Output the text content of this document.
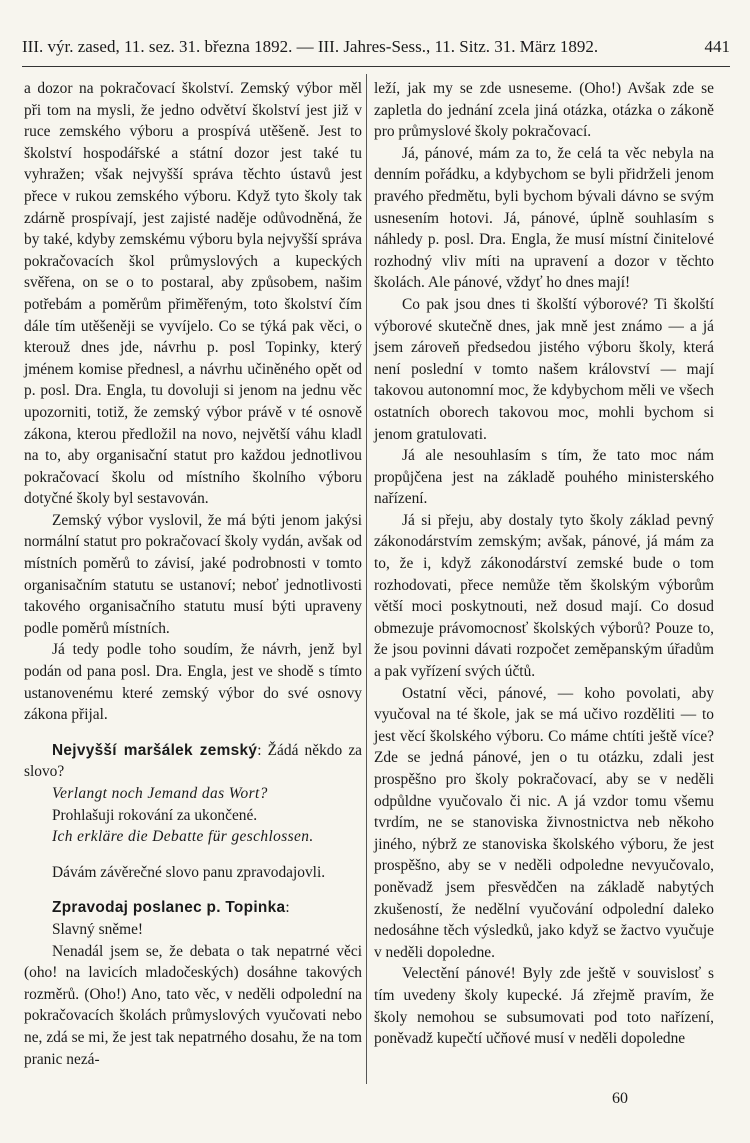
III. výr. zased, 11. sez. 31. března 1892. — III. Jahres-Sess., 11. Sitz. 31. März 1892.	441

a dozor na pokračovací školství. Zemský výbor měl při tom na mysli, že jedno odvětví školství jest již v ruce zemského výboru a prospívá utěšeně. Jest to školství hospodářské a státní dozor jest také tu vyhražen; však nejvyšší správa těchto ústavů jest přece v rukou zemského výboru. Když tyto školy tak zdárně prospívají, jest zajisté naděje odůvodněná, že by také, kdyby zemskému výboru byla nejvyšší správa pokračovacích škol průmyslových a kupeckých svěřena, on se o to postaral, aby způsobem, našim potřebám a poměrům přiměřeným, toto školství čím dále tím utěšeněji se vyvíjelo. Co se týká pak věci, o kterouž dnes jde, návrhu p. posl Topinky, který jménem komise přednesl, a návrhu učiněného opět od p. posl. Dra. Engla, tu dovoluji si jenom na jednu věc upozorniti, totiž, že zemský výbor právě v té osnově zákona, kterou předložil na novo, největší váhu kladl na to, aby organisační statut pro každou jednotlivou pokračovací školu od místního školního výboru dotyčné školy byl sestavován.

Zemský výbor vyslovil, že má býti jenom jakýsi normální statut pro pokračovací školy vydán, avšak od místních poměrů to závisí, jaké podrobnosti v tomto organisačním statutu se ustanoví; neboť jednotlivosti takového organisačního statutu musí býti upraveny podle poměrů místních.

Já tedy podle toho soudím, že návrh, jenž byl podán od pana posl. Dra. Engla, jest ve shodě s tímto ustanovenému které zemský výbor do své osnovy zákona přijal.

Nejvyšší maršálek zemský: Žádá někdo za slovo?

Verlangt noch Jemand das Wort?

Prohlašuji rokování za ukončené.

Ich erkläre die Debatte für geschlossen.

Dávám závěrečné slovo panu zpravodajovli.

Zpravodaj poslanec p. Topinka:

Slavný sněme!

Nenadál jsem se, že debata o tak nepatrné věci (oho! na lavicích mladočeských) dosáhne takových rozměrů. (Oho!) Ano, tato věc, v neděli odpolední na pokračovacích školách průmyslových vyučovati nebo ne, zdá se mi, že jest tak nepatrného dosahu, že na tom pranic nezá-

leží, jak my se zde usneseme. (Oho!) Avšak zde se zapletla do jednání zcela jiná otázka, otázka o zákoně pro průmyslové školy pokračovací.

Já, pánové, mám za to, že celá ta věc nebyla na denním pořádku, a kdybychom se byli přidrželi jenom pravého předmětu, byli bychom bývali dávno se svým usnesením hotovi. Já, pánové, úplně souhlasím s náhledy p. posl. Dra. Engla, že musí místní činitelové rozhodný vliv míti na upravení a dozor v těchto školách. Ale pánové, vždyť ho dnes mají!

Co pak jsou dnes ti školští výborové? Ti školští výborové skutečně dnes, jak mně jest známo — a já jsem zároveň předsedou jistého výboru školy, která není poslední v tomto našem království — mají takovou autonomní moc, že kdybychom měli ve všech ostatních oborech takovou moc, mohli bychom si jenom gratulovati.

Já ale nesouhlasím s tím, že tato moc nám propůjčena jest na základě pouhého ministerského nařízení.

Já si přeju, aby dostaly tyto školy základ pevný zákonodárstvím zemským; avšak, pánové, já mám za to, že i, když zákonodárství zemské bude o tom rozhodovati, přece nemůže těm školským výborům větší moci poskytnouti, než dosud mají. Co dosud obmezuje právomocnosť školských výborů? Pouze to, že jsou povinni dávati rozpočet zeměpanským úřadům a pak vyřízení svých účtů.

Ostatní věci, pánové, — koho povolati, aby vyučoval na té škole, jak se má učivo rozděliti — to jest věcí školského výboru. Co máme chtíti ještě více? Zde se jedná pánové, jen o tu otázku, zdali jest prospěšno pro školy pokračovací, aby se v neděli odpůldne vyučovalo či nic. A já vzdor tomu všemu tvrdím, ne se stanoviska živnostnictva neb někoho jiného, nýbrž ze stanoviska školského výboru, že jest prospěšno, aby se v neděli odpoledne nevyučovalo, poněvadž jsem přesvědčen na základě nabytých zkušeností, že nedělní vyučování odpolední daleko nedosáhne těch výsledků, jako když se žactvo vyučuje v neděli dopoledne.

Velectění pánové! Byly zde ještě v souvislosť s tím uvedeny školy kupecké. Já zřejmě pravím, že školy nemohou se subsumovati pod toto nařízení, poněvadž kupečtí učňové musí v neděli dopoledne

60
